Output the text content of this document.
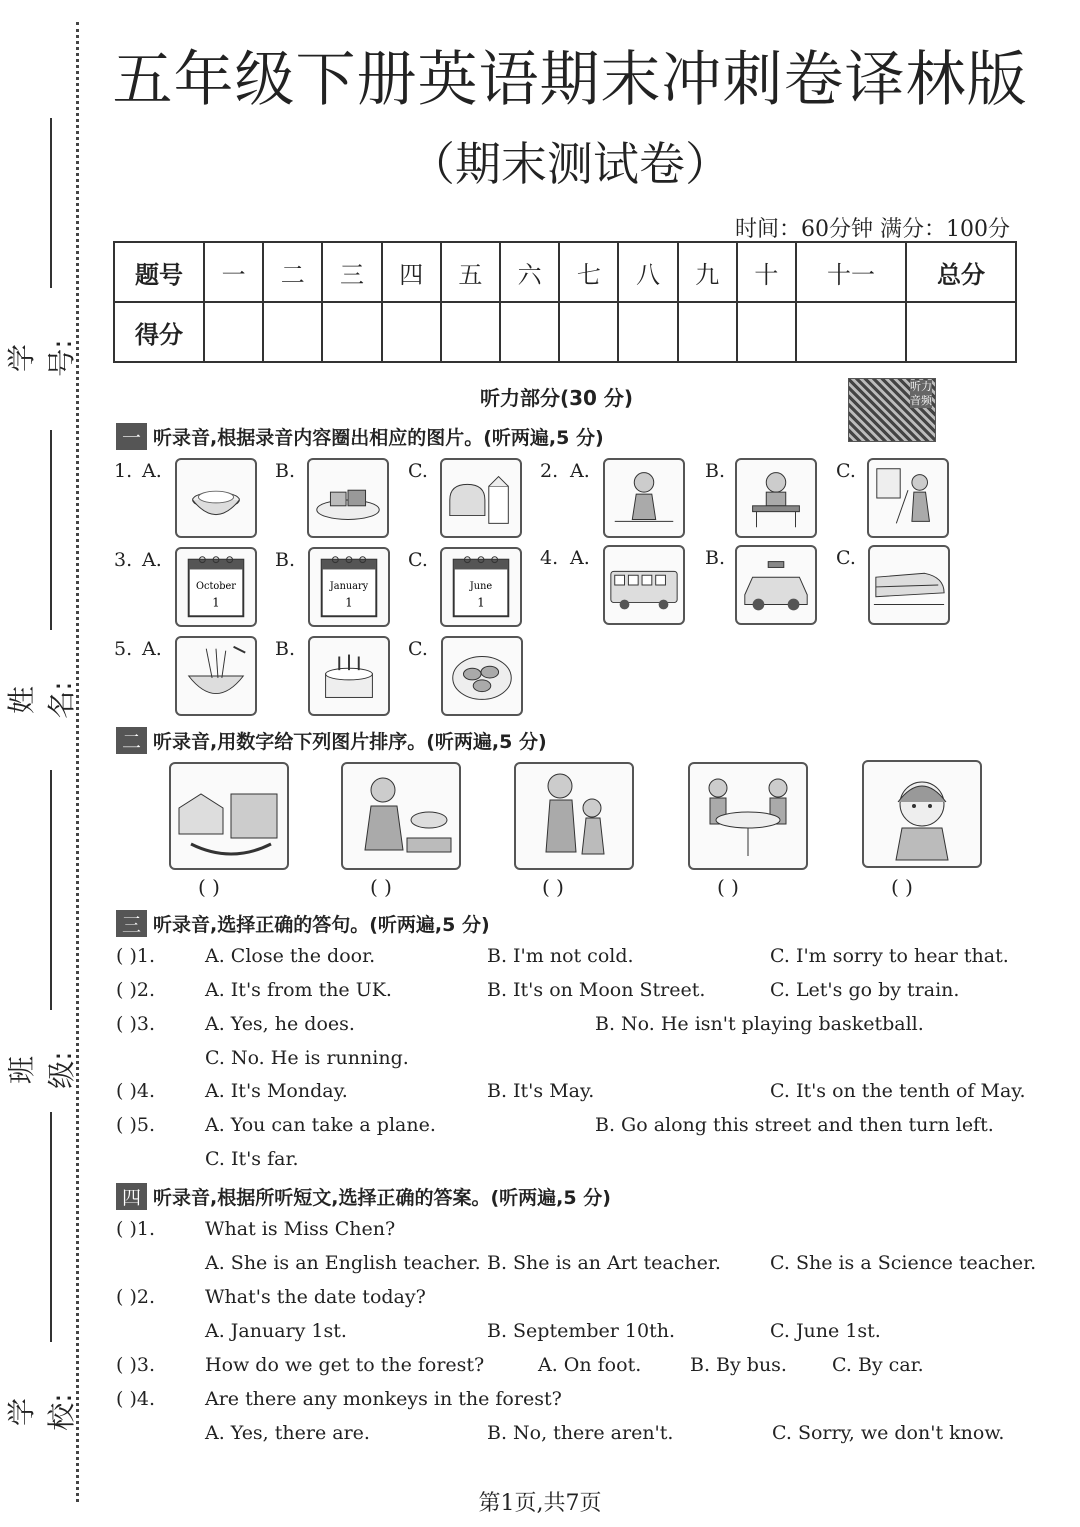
学号:
姓名:
班级:
学校:
五年级下册英语期末冲刺卷译林版
（期末测试卷）
时间：60分钟 满分：100分
题号	一	二	三	四	五	六	七	八	九	十	十一	总分
得分												
听力部分(30 分)	听力音频
一 听录音,根据录音内容圈出相应的图片。(听两遍,5 分)
1. A.	B.	C.	2. A.	B.	C.
3. A.
October
1
B.
January
1
C.
June
1
4. A.	B.	C.
5. A.	B.	C.
二 听录音,用数字给下列图片排序。(听两遍,5 分)
( )	( )	( )	( )	( )
三 听录音,选择正确的答句。(听两遍,5 分)
( )1.	A. Close the door.	B. I'm not cold.	C. I'm sorry to hear that.
( )2.	A. It's from the UK.	B. It's on Moon Street.	C. Let's go by train.
( )3.	A. Yes, he does.	B. No. He isn't playing basketball.
C. No. He is running.
( )4.	A. It's Monday.	B. It's May.	C. It's on the tenth of May.
( )5.	A. You can take a plane.	B. Go along this street and then turn left.
C. It's far.
四 听录音,根据所听短文,选择正确的答案。(听两遍,5 分)
( )1.	What is Miss Chen?
A. She is an English teacher. B. She is an Art teacher.	C. She is a Science teacher.
( )2.	What's the date today?
A. January 1st.	B. September 10th.	C. June 1st.
( )3.	How do we get to the forest?	A. On foot.	B. By bus. C. By car.
( )4.	Are there any monkeys in the forest?
A. Yes, there are.	B. No, there aren't.	C. Sorry, we don't know.
第1页,共7页
